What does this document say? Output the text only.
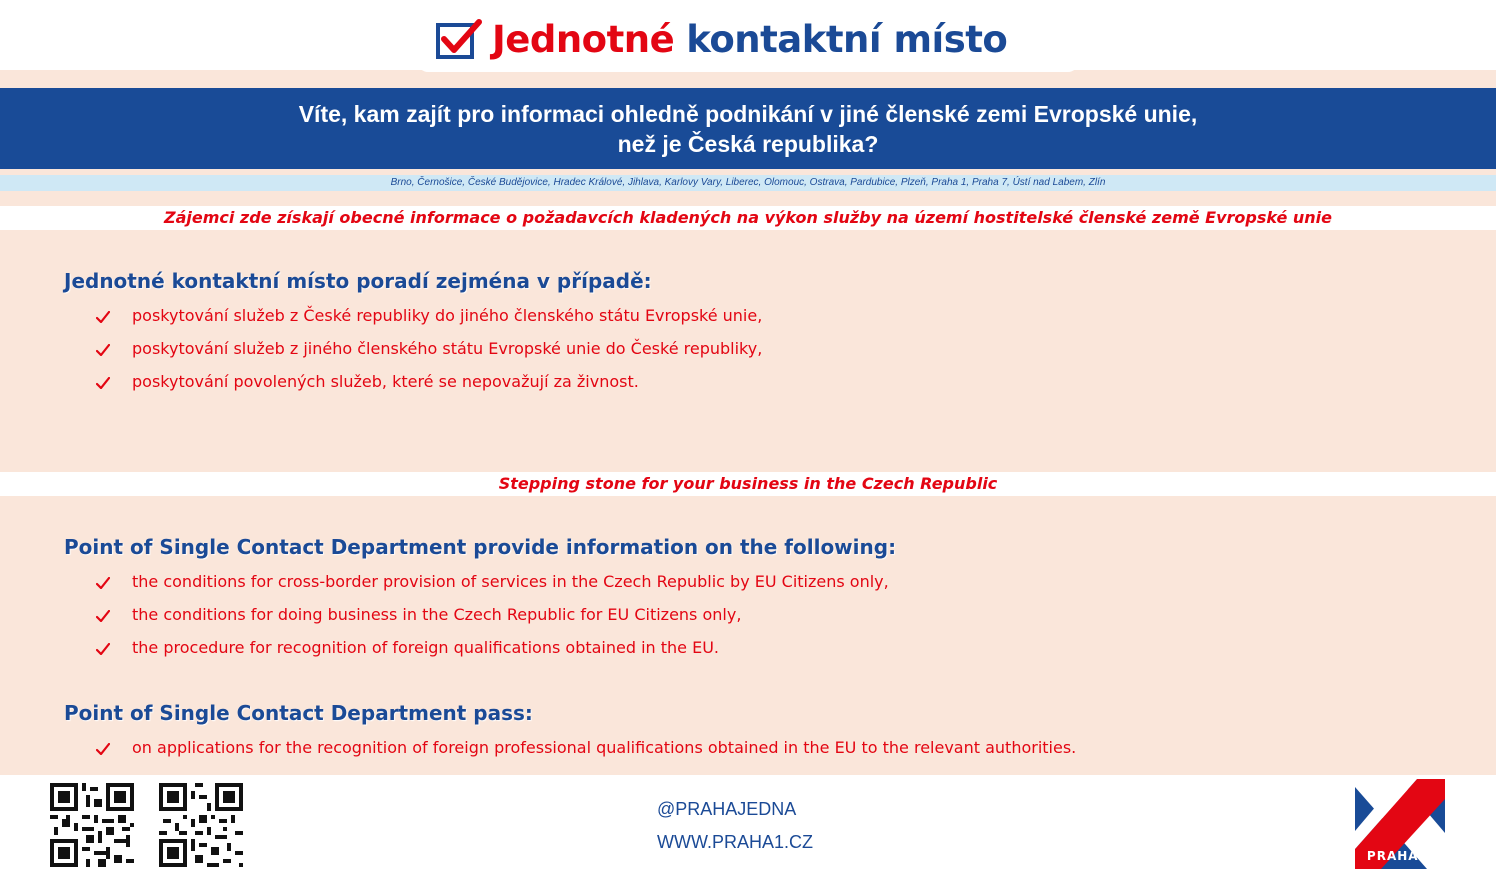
Jednotné kontaktní místo
Víte, kam zajít pro informaci ohledně podnikání v jiné členské zemi Evropské unie,
než je Česká republika?
Brno, Černošice, České Budějovice, Hradec Králové, Jihlava, Karlovy Vary, Liberec, Olomouc, Ostrava, Pardubice, Plzeň, Praha 1, Praha 7, Ústí nad Labem, Zlín
Zájemci zde získají obecné informace o požadavcích kladených na výkon služby na území hostitelské členské země Evropské unie
Jednotné kontaktní místo poradí zejména v případě:
poskytování služeb z České republiky do jiného členského státu Evropské unie,
poskytování služeb z jiného členského státu Evropské unie do České republiky,
poskytování povolených služeb, které se nepovažují za živnost.
Stepping stone for your business in the Czech Republic
Point of Single Contact Department provide information on the following:
the conditions for cross-border provision of services in the Czech Republic by EU Citizens only,
the conditions for doing business in the Czech Republic for EU Citizens only,
the procedure for recognition of foreign qualifications obtained in the EU.
Point of Single Contact Department pass:
on applications for the recognition of foreign professional qualifications obtained in the EU to the relevant authorities.
@PRAHAJEDNA
WWW.PRAHA1.CZ
PRAHA 1
